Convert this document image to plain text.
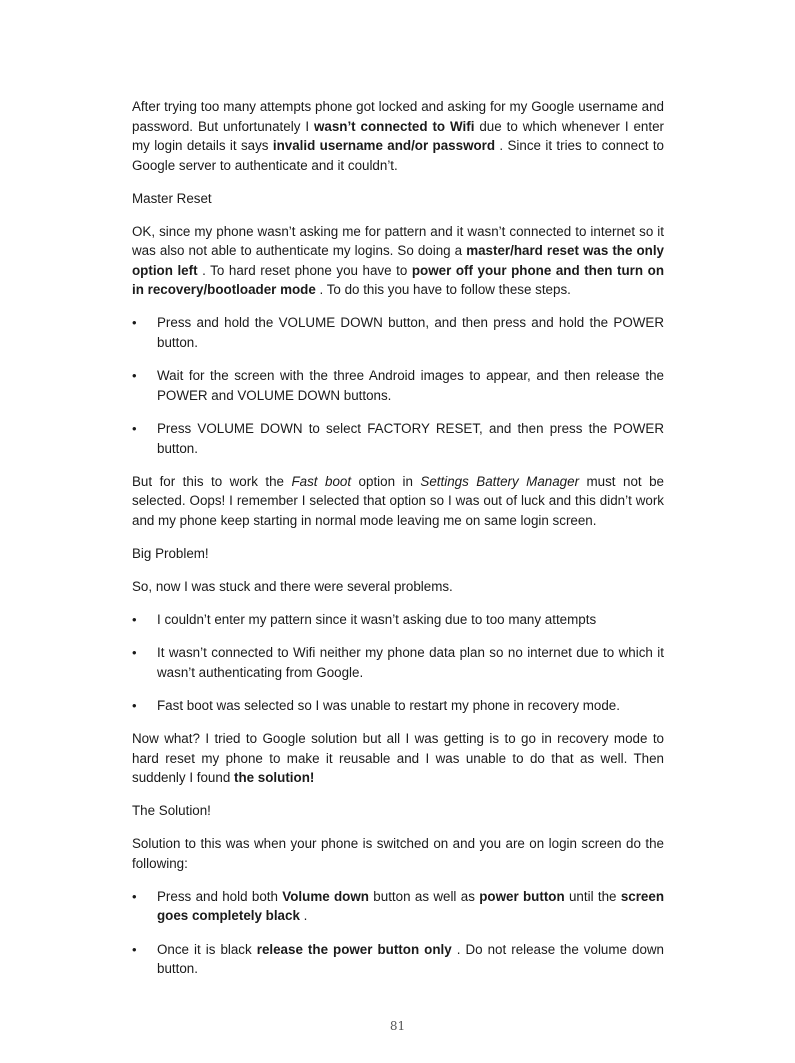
After trying too many attempts phone got locked and asking for my Google username and password. But unfortunately I wasn’t connected to Wifi due to which whenever I enter my login details it says invalid username and/or password . Since it tries to connect to Google server to authenticate and it couldn’t.

Master Reset

OK, since my phone wasn’t asking me for pattern and it wasn’t connected to internet so it was also not able to authenticate my logins. So doing a master/hard reset was the only option left . To hard reset phone you have to power off your phone and then turn on in recovery/bootloader mode . To do this you have to follow these steps.

• Press and hold the VOLUME DOWN button, and then press and hold the POWER button.
• Wait for the screen with the three Android images to appear, and then release the POWER and VOLUME DOWN buttons.
• Press VOLUME DOWN to select FACTORY RESET, and then press the POWER button.

But for this to work the Fast boot option in Settings Battery Manager must not be selected. Oops! I remember I selected that option so I was out of luck and this didn’t work and my phone keep starting in normal mode leaving me on same login screen.

Big Problem!

So, now I was stuck and there were several problems.

• I couldn’t enter my pattern since it wasn’t asking due to too many attempts
• It wasn’t connected to Wifi neither my phone data plan so no internet due to which it wasn’t authenticating from Google.
• Fast boot was selected so I was unable to restart my phone in recovery mode.

Now what? I tried to Google solution but all I was getting is to go in recovery mode to hard reset my phone to make it reusable and I was unable to do that as well. Then suddenly I found the solution!

The Solution!

Solution to this was when your phone is switched on and you are on login screen do the following:

• Press and hold both Volume down button as well as power button until the screen goes completely black .
• Once it is black release the power button only . Do not release the volume down button.
81
